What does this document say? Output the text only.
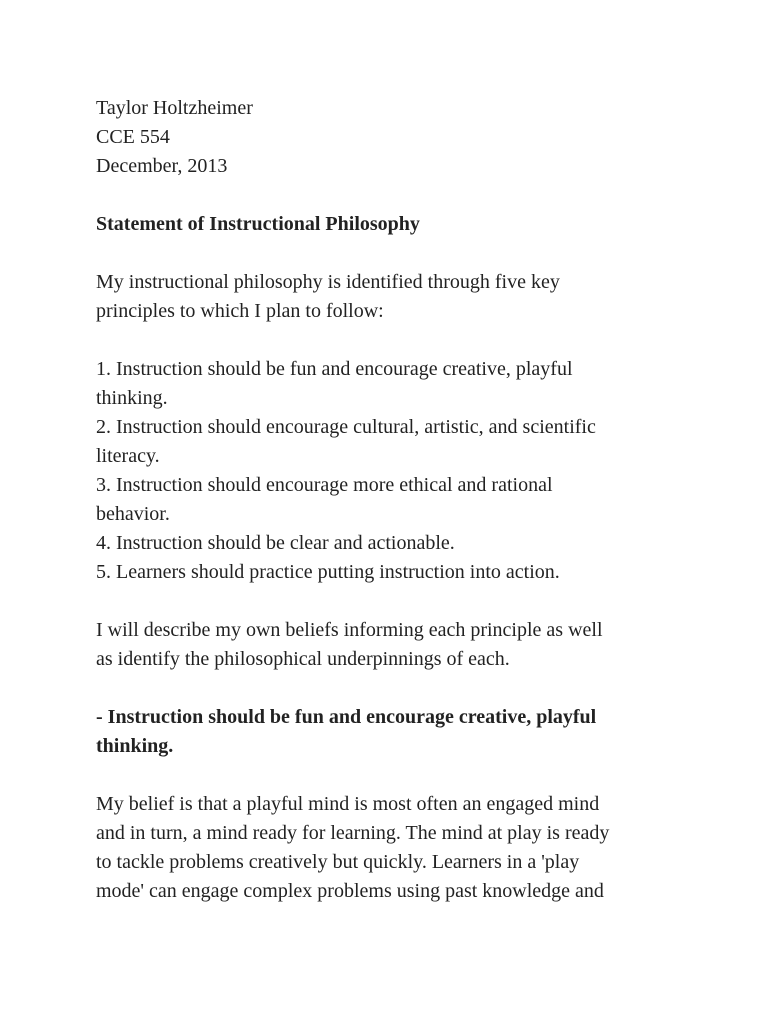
Taylor Holtzheimer
CCE 554
December, 2013
Statement of Instructional Philosophy
My instructional philosophy is identified through five key
principles to which I plan to follow:
1. Instruction should be fun and encourage creative, playful
thinking.
2. Instruction should encourage cultural, artistic, and scientific
literacy.
3. Instruction should encourage more ethical and rational
behavior.
4. Instruction should be clear and actionable.
5. Learners should practice putting instruction into action.
I will describe my own beliefs informing each principle as well
as identify the philosophical underpinnings of each.
- Instruction should be fun and encourage creative, playful
thinking.
My belief is that a playful mind is most often an engaged mind
and in turn, a mind ready for learning. The mind at play is ready
to tackle problems creatively but quickly. Learners in a 'play
mode' can engage complex problems using past knowledge and
